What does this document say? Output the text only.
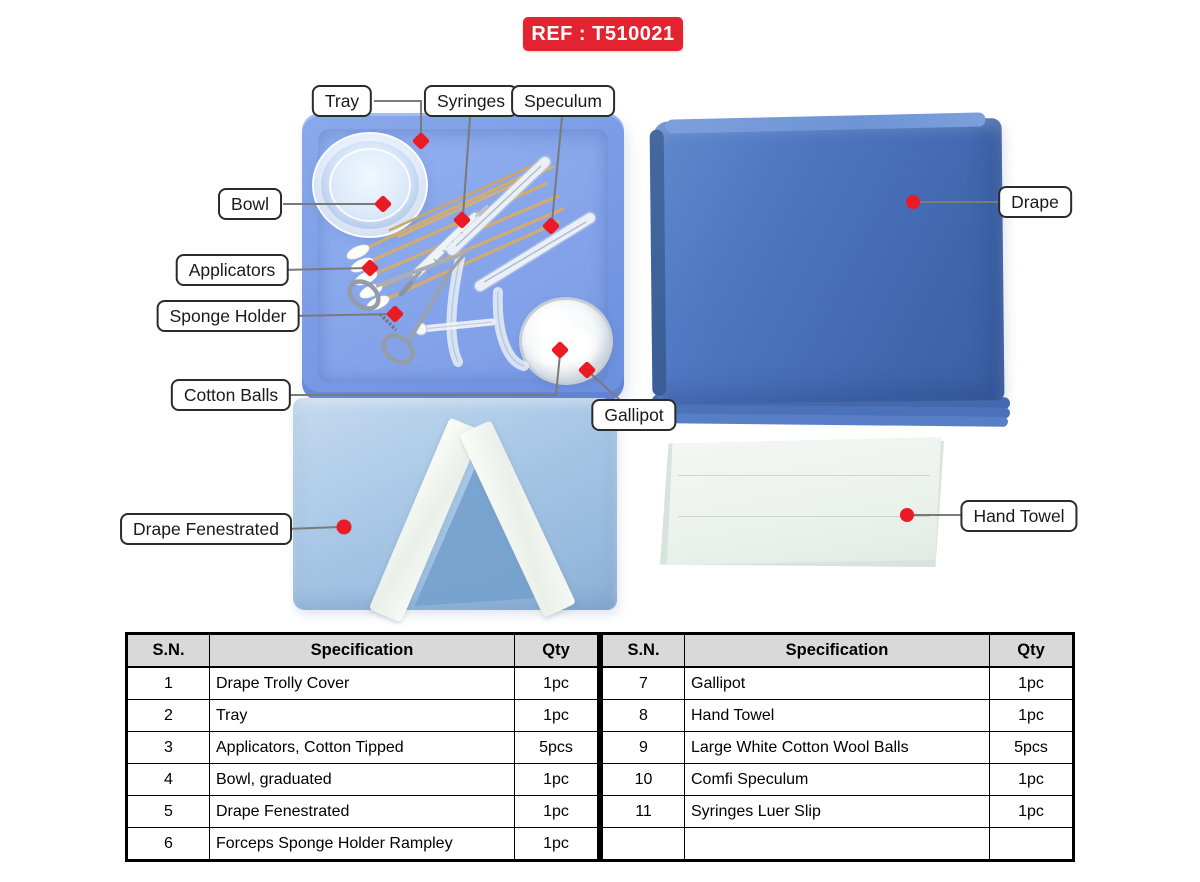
REF : T510021
Tray	Syringes	Speculum
Bowl
Applicators
Sponge Holder
Cotton Balls
Gallipot
Drape
Drape Fenestrated
Hand Towel
S.N.	Specification	Qty
1	Drape Trolly Cover	1pc
2	Tray	1pc
3	Applicators, Cotton Tipped	5pcs
4	Bowl, graduated	1pc
5	Drape Fenestrated	1pc
6	Forceps Sponge Holder Rampley	1pc
S.N.	Specification	Qty
7	Gallipot	1pc
8	Hand Towel	1pc
9	Large White Cotton Wool Balls	5pcs
10	Comfi Speculum	1pc
11	Syringes Luer Slip	1pc
